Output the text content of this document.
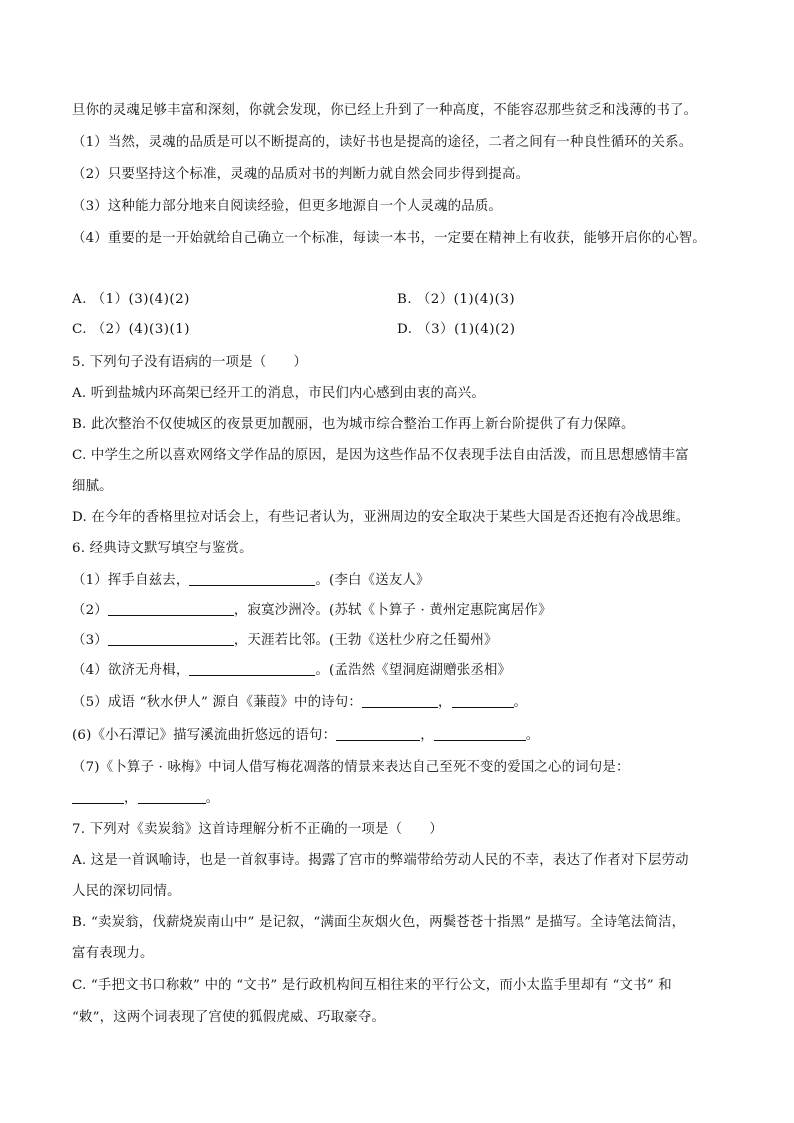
旦你的灵魂足够丰富和深刻，你就会发现，你已经上升到了一种高度，不能容忍那些贫乏和浅薄的书了。
（1）当然，灵魂的品质是可以不断提高的，读好书也是提高的途径，二者之间有一种良性循环的关系。
（2）只要坚持这个标准，灵魂的品质对书的判断力就自然会同步得到提高。
（3）这种能力部分地来自阅读经验，但更多地源自一个人灵魂的品质。
（4）重要的是一开始就给自己确立一个标准，每读一本书，一定要在精神上有收获，能够开启你的心智。
A. （1）(3)(4)(2)	B. （2）(1)(4)(3)
C. （2）(4)(3)(1)	D. （3）(1)(4)(2)
5. 下列句子没有语病的一项是（　　）
A. 听到盐城内环高架已经开工的消息，市民们内心感到由衷的高兴。
B. 此次整治不仅使城区的夜景更加靓丽，也为城市综合整治工作再上新台阶提供了有力保障。
C. 中学生之所以喜欢网络文学作品的原因，是因为这些作品不仅表现手法自由活泼，而且思想感情丰富
细腻。
D. 在今年的香格里拉对话会上，有些记者认为，亚洲周边的安全取决于某些大国是否还抱有冷战思维。
6. 经典诗文默写填空与鉴赏。
（1）挥手自兹去，	。(李白《送友人》
（2）	，寂寞沙洲冷。(苏轼《卜算子 · 黄州定惠院寓居作》
（3）	，天涯若比邻。(王勃《送杜少府之任蜀州》
（4）欲济无舟楫，	。(孟浩然《望洞庭湖赠张丞相》
（5）成语 “秋水伊人” 源自《蒹葭》中的诗句：	，	。
(6)《小石潭记》描写溪流曲折悠远的语句：	，	。
（7)《卜算子 · 咏梅》中词人借写梅花凋落的情景来表达自己至死不变的爱国之心的词句是：
，	。
7. 下列对《卖炭翁》这首诗理解分析不正确的一项是（　　）
A. 这是一首讽喻诗，也是一首叙事诗。揭露了宫市的弊端带给劳动人民的不幸，表达了作者对下层劳动
人民的深切同情。
B. “卖炭翁，伐薪烧炭南山中” 是记叙，“满面尘灰烟火色，两鬓苍苍十指黑” 是描写。全诗笔法简洁，
富有表现力。
C. “手把文书口称敕” 中的 “文书” 是行政机构间互相往来的平行公文，而小太监手里却有 “文书” 和
“敕”，这两个词表现了宫使的狐假虎威、巧取豪夺。
